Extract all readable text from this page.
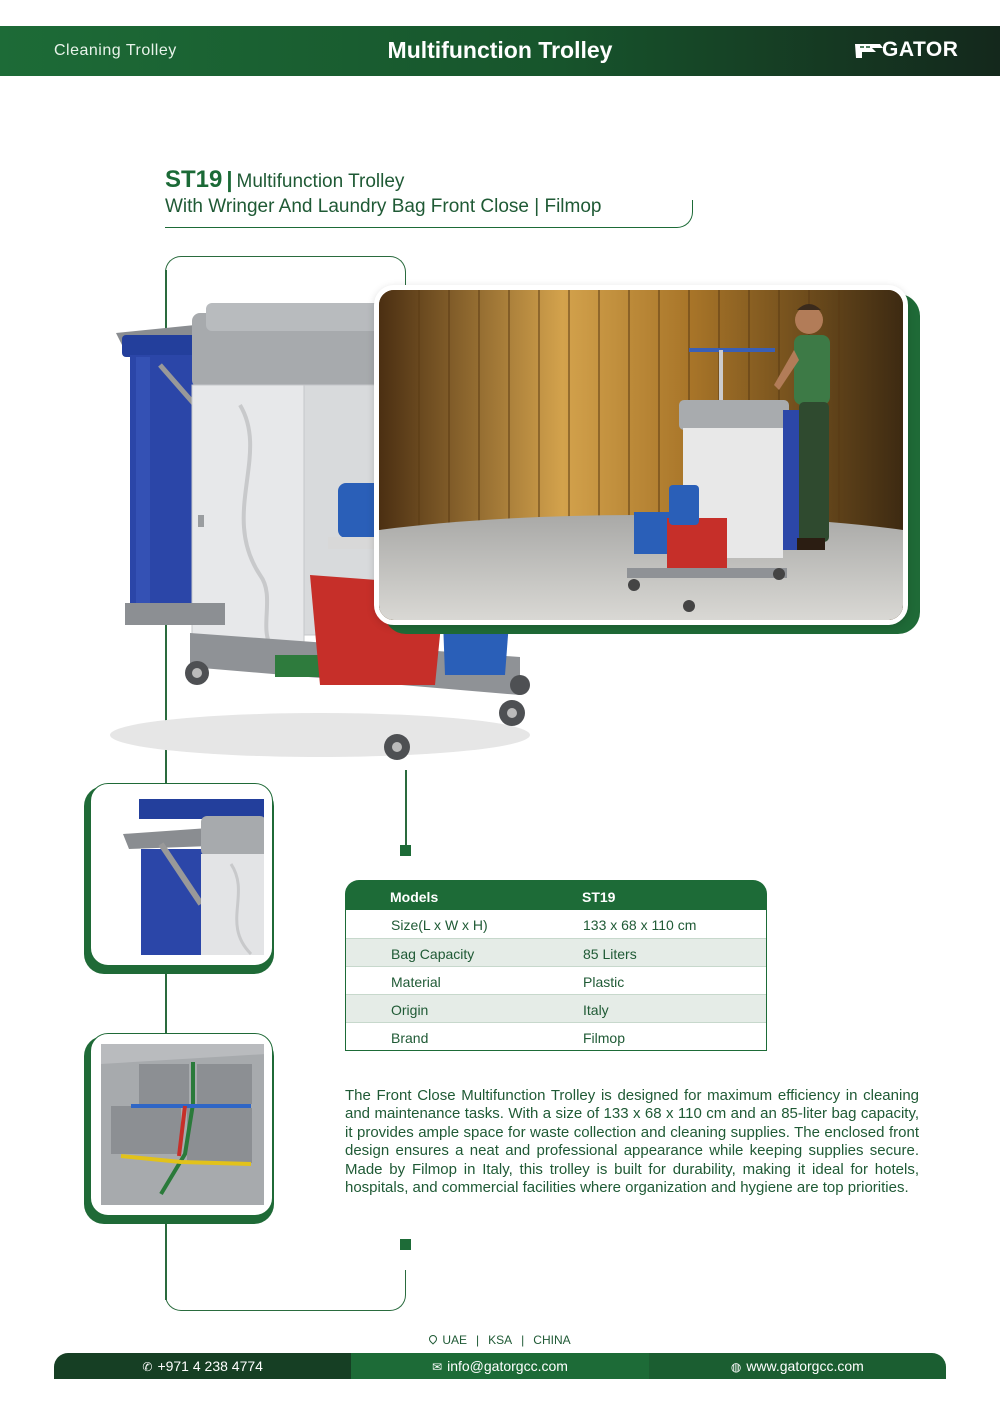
Cleaning Trolley	Multifunction Trolley	GATOR
ST19 | Multifunction Trolley
With Wringer And Laundry Bag Front Close | Filmop
Models	ST19
Size(L x W x H)	133 x 68 x 110 cm
Bag Capacity	85 Liters
Material	Plastic
Origin	Italy
Brand	Filmop

The Front Close Multifunction Trolley is designed for maximum efficiency in cleaning and maintenance tasks. With a size of 133 x 68 x 110 cm and an 85-liter bag capacity, it provides ample space for waste collection and cleaning supplies. The enclosed front design ensures a neat and professional appearance while keeping supplies secure. Made by Filmop in Italy, this trolley is built for durability, making it ideal for hotels, hospitals, and commercial facilities where organization and hygiene are top priorities.

UAE | KSA | CHINA
✆ +971 4 238 4774	✉ info@gatorgcc.com	◍ www.gatorgcc.com
